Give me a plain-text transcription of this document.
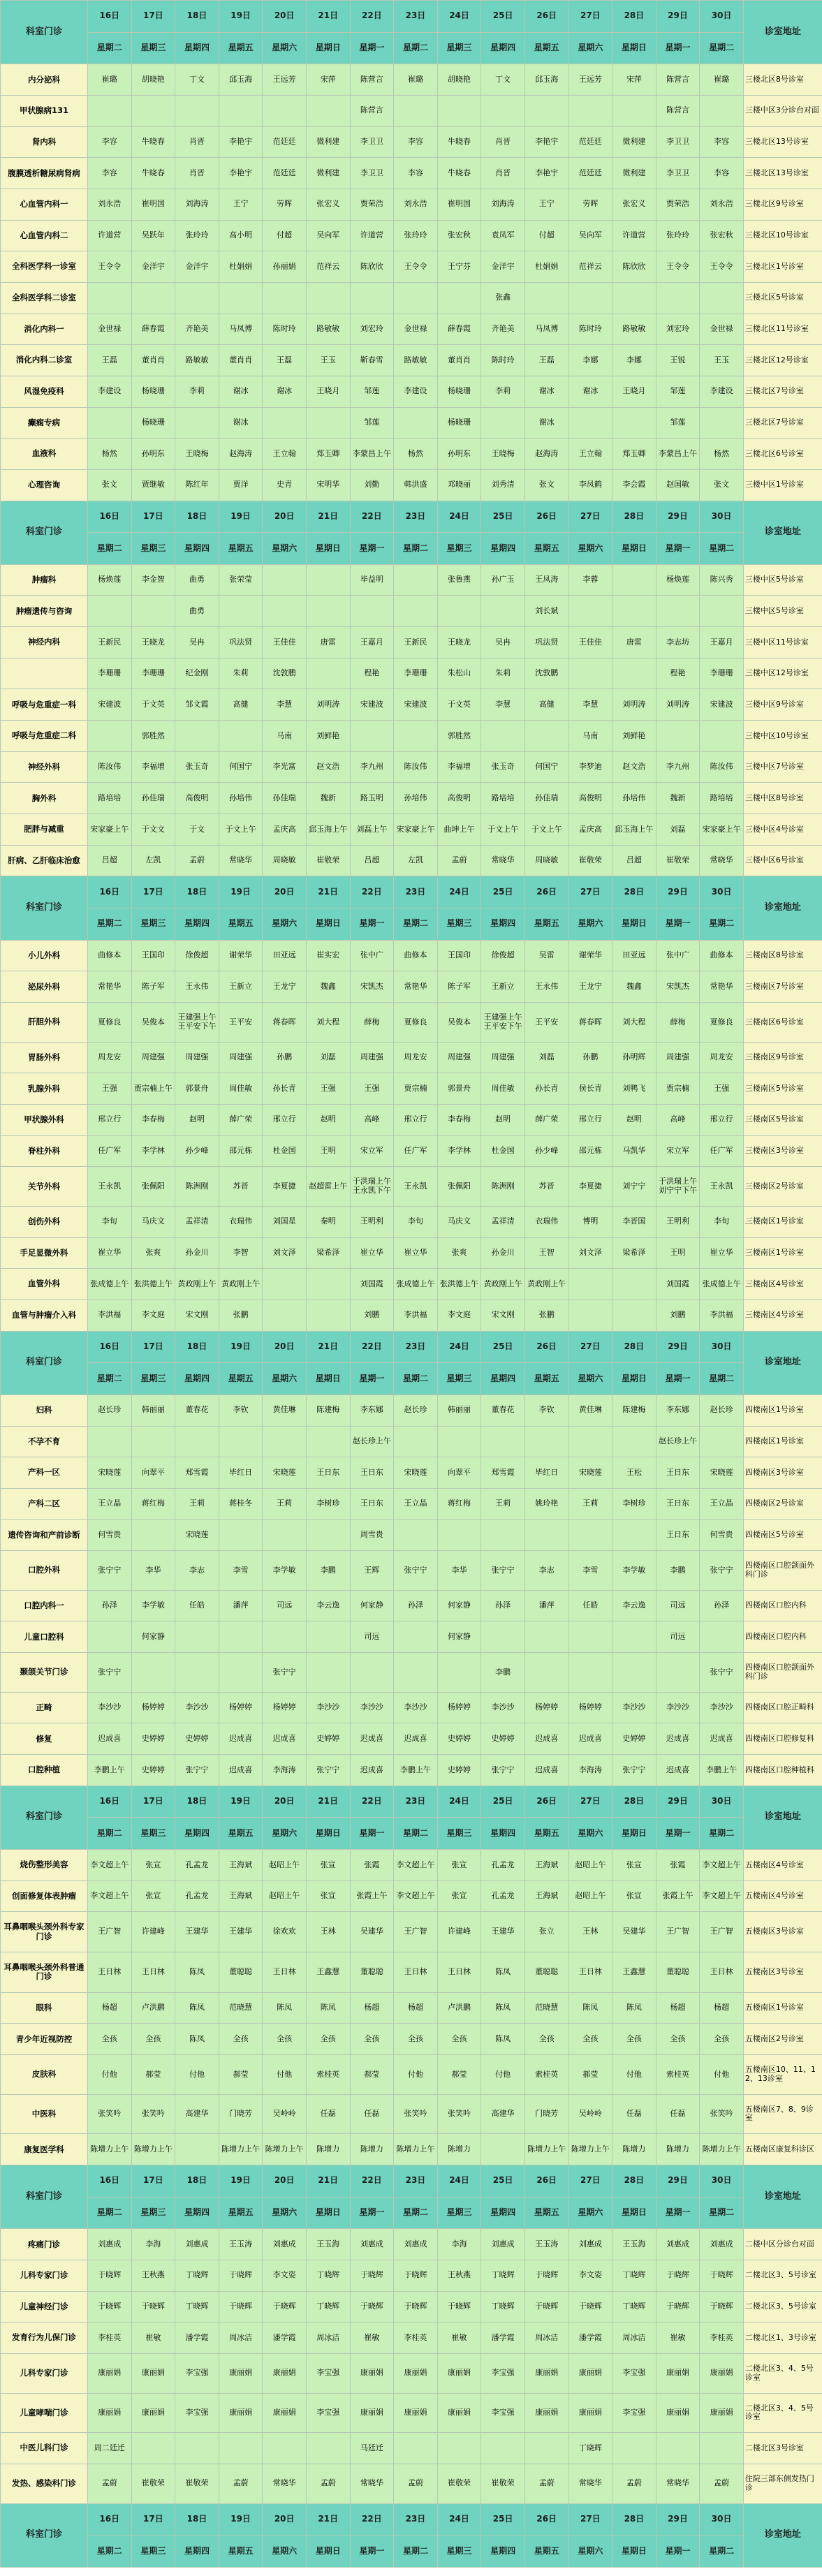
科室门诊	16日	17日	18日	19日	20日	21日	22日	23日	24日	25日	26日	27日	28日	29日	30日	诊室地址
	星期二	星期三	星期四	星期五	星期六	星期日	星期一	星期二	星期三	星期四	星期五	星期六	星期日	星期一	星期二	
内分泌科	崔璐	胡晓艳	丁文	邱玉海	王远芳	宋萍	陈营言	崔璐	胡晓艳	丁文	邱玉海	王远芳	宋萍	陈营言	崔璐	三楼北区8号诊室
甲状腺病131							陈营言							陈营言		三楼中区3分诊台对面
肾内科	李容	牛晓春	肖晋	李艳宇	范廷廷	微利建	李卫卫	李容	牛晓春	肖晋	李艳宇	范廷廷	微利建	李卫卫	李容	三楼北区13号诊室
腹膜透析糖尿病肾病	李容	牛晓春	肖晋	李艳宇	范廷廷	微利建	李卫卫	李容	牛晓春	肖晋	李艳宇	范廷廷	微利建	李卫卫	李容	三楼北区13号诊室
心血管内科一	刘永浩	崔明国	刘海涛	王宁	劳晖	张宏义	贾荣浩	刘永浩	崔明国	刘海涛	王宁	劳晖	张宏义	贾荣浩	刘永浩	三楼北区9号诊室
心血管内科二	许道营	吴跃年	张玲玲	高小明	付超	吴向军	许道营	张玲玲	张宏秋	袁凤军	付超	吴向军	许道营	张玲玲	张宏秋	三楼北区10号诊室
全科医学科一诊室	王令令	金洋宇	金洋宇	杜娟娟	孙丽娟	范祥云	陈欣欣	王令令	王宁芬	金洋宇	杜娟娟	范祥云	陈欣欣	王令令	王令令	三楼北区1号诊室
全科医学科二诊室										张鑫						三楼北区5号诊室
消化内科一	金世禄	薛春霞	齐艳美	马凤博	陈时玲	路敏敏	刘宏玲	金世禄	薛春霞	齐艳美	马凤博	陈时玲	路敏敏	刘宏玲	金世禄	三楼北区11号诊室
消化内科二诊室	王磊	董肖肖	路敏敏	董肖肖	王磊	王玉	靳春雪	路敏敏	董肖肖	陈时玲	王磊	李娜	李娜	王锐	王玉	三楼北区12号诊室
风湿免疫科	李建设	杨晓珊	李莉	谢冰	谢冰	王晓月	邹莲	李建设	杨晓珊	李莉	谢冰	谢冰	王晓月	邹莲	李建设	三楼北区7号诊室
癫痫专病		杨晓珊		谢冰			邹莲		杨晓珊		谢冰			邹莲		三楼北区7号诊室
血液科	杨然	孙明东	王晓梅	赵海涛	王立翰	郑玉卿	李蒙昌上午	杨然	孙明东	王晓梅	赵海涛	王立翰	郑玉卿	李蒙昌上午	杨然	三楼北区6号诊室
心理咨询	张文	贾继敏	陈红年	贾洋	史青	宋明华	刘勤	韩洪盛	邓晓丽	刘秀清	张文	李凤鹤	李会霞	赵国敏	张文	三楼中区1号诊室
科室门诊	16日	17日	18日	19日	20日	21日	22日	23日	24日	25日	26日	27日	28日	29日	30日	诊室地址
	星期二	星期三	星期四	星期五	星期六	星期日	星期一	星期二	星期三	星期四	星期五	星期六	星期日	星期一	星期二	
肿瘤科	杨焕莲	李金智	曲勇	张荣莹			毕益明		张鲁燕	孙广玉	王凤涛	李蓉		杨焕莲	陈兴秀	三楼中区5号诊室
肿瘤遗传与咨询			曲勇								刘长斌					三楼中区5号诊室
神经内科	王新民	王晓龙	吴冉	巩法贤	王佳佳	唐雷	王嘉月	王新民	王晓龙	吴冉	巩法贤	王佳佳	唐雷	李志坊	王嘉月	三楼中区11号诊室
	李珊珊	李珊珊	纪金刚	朱莉	沈敦鹏		程艳	李珊珊	朱松山	朱莉	沈敦鹏			程艳	李珊珊	三楼中区12号诊室
呼吸与危重症一科	宋建波	于文英	邹文霞	高健	李慧	刘明涛	宋建波	宋建波	于文英	李慧	高健	李慧	刘明涛	刘明涛	宋建波	三楼中区9号诊室
呼吸与危重症二科		郭胜然			马南	刘鲜艳			郭胜然			马南	刘鲜艳			三楼中区10号诊室
神经外科	陈汝伟	李福增	张玉奇	何国宁	李光富	赵文浩	李九州	陈汝伟	李福增	张玉奇	何国宁	李梦迪	赵文浩	李九州	陈汝伟	三楼中区7号诊室
胸外科	路培培	孙佳瑞	高俊明	孙培伟	孙佳瑞	魏新	路玉明	孙培伟	高俊明	路培培	孙佳瑞	高俊明	孙培伟	魏新	路培培	三楼中区8号诊室
肥胖与减重	宋家豪上午	于文文	于文	于文上午	孟庆高	邱玉海上午	刘磊上午	宋家豪上午	曲坤上午	于文上午	于文上午	孟庆高	邱玉海上午	刘磊	宋家豪上午	三楼中区4号诊室
肝病、乙肝临床治愈	吕超	左凯	孟蔚	常晓华	周晓敏	崔敬荣	吕超	左凯	孟蔚	常晓华	周晓敏	崔敬荣	吕超	崔敬荣	常晓华	三楼中区6号诊室
科室门诊	16日	17日	18日	19日	20日	21日	22日	23日	24日	25日	26日	27日	28日	29日	30日	诊室地址
	星期二	星期三	星期四	星期五	星期六	星期日	星期一	星期二	星期三	星期四	星期五	星期六	星期日	星期一	星期二	
小儿外科	曲修本	王国印	徐俊超	谢荣华	田亚远	崔实宏	张中广	曲修本	王国印	徐俊超	吴雷	谢荣华	田亚远	张中广	曲修本	三楼南区8号诊室
泌尿外科	常艳华	陈子军	王永伟	王新立	王龙宁	魏鑫	宋凯杰	常艳华	陈子军	王新立	王永伟	王龙宁	魏鑫	宋凯杰	常艳华	三楼南区7号诊室
肝胆外科	夏修良	吴俊本	王建强上午王平安下午	王平安	蒋春晖	刘大程	薛梅	夏修良	吴俊本	王建强上午王平安下午	王平安	蒋春晖	刘大程	薛梅	夏修良	三楼南区6号诊室
胃肠外科	周龙安	周建强	周建强	周建强	孙鹏	刘磊	周建强	周龙安	周建强	周建强	刘磊	孙鹏	孙明辉	周建强	周龙安	三楼南区9号诊室
乳腺外科	王强	贾宗楠上午	郭景舟	周佳敏	孙长青	王强	王强	贾宗楠	郭景舟	周佳敏	孙长青	侯长青	刘鸭飞	贾宗楠	王强	三楼南区5号诊室
甲状腺外科	邢立行	李春梅	赵明	薛广荣	邢立行	赵明	高峰	邢立行	李春梅	赵明	薛广荣	邢立行	赵明	高峰	邢立行	三楼南区5号诊室
脊柱外科	任广军	李学林	孙少峰	邵元栋	杜金国	王明	宋立军	任广军	李学林	杜金国	孙少峰	邵元栋	马凯华	宋立军	任广军	三楼南区3号诊室
关节外科	王永凯	张佩阳	陈洲刚	苏晋	李夏捷	赵超雷上午	于洪瑞上午王永凯下午	王永凯	张佩阳	陈洲刚	苏晋	李夏捷	刘宁宁	于洪瑞上午刘宁宁下午	王永凯	三楼南区2号诊室
创伤外科	李旬	马庆文	孟祥清	衣瑞伟	刘国星	秦明	王明利	李旬	马庆文	孟祥清	衣瑞伟	博明	李晋国	王明利	李旬	三楼南区1号诊室
手足显微外科	崔立华	张爽	孙金川	李智	刘文泽	梁希泽	崔立华	崔立华	张爽	孙金川	王智	刘文泽	梁希泽	王明	崔立华	三楼南区1号诊室
血管外科	张成德上午	张洪德上午	黄政刚上午	黄政刚上午			刘国霞	张成德上午	张洪德上午	黄政刚上午	黄政刚上午			刘国霞	张成德上午	三楼南区4号诊室
血管与肿瘤介入科	李洪福	李文庭	宋文刚	张鹏			刘鹏	李洪福	李文庭	宋文刚	张鹏			刘鹏	李洪福	三楼南区4号诊室
科室门诊	16日	17日	18日	19日	20日	21日	22日	23日	24日	25日	26日	27日	28日	29日	30日	诊室地址
	星期二	星期三	星期四	星期五	星期六	星期日	星期一	星期二	星期三	星期四	星期五	星期六	星期日	星期一	星期二	
妇科	赵长珍	韩丽丽	董春花	李钦	黄佳琳	陈建梅	李东娜	赵长珍	韩丽丽	董春花	李钦	黄佳琳	陈建梅	李东娜	赵长珍	四楼南区1号诊室
不孕不育							赵长珍上午							赵长珍上午		四楼南区1号诊室
产科一区	宋晓莲	向翠平	郑雪霞	毕红日	宋晓莲	王日东	王日东	宋晓莲	向翠平	郑雪霞	毕红日	宋晓莲	王松	王日东	宋晓莲	四楼南区3号诊室
产科二区	王立晶	蒋红梅	王莉	蒋桂冬	王莉	李树珍	王日东	王立晶	蒋红梅	王莉	姚玲艳	王莉	李树珍	王日东	王立晶	四楼南区2号诊室
遗传咨询和产前诊断	何雪贵		宋晓莲				周雪贵							王日东	何雪贵	四楼南区5号诊室
口腔外科	张宁宁	李华	李志	李雪	李学敏	李鹏	王辉	张宁宁	李华	张宁宁	李志	李雪	李学敏	李鹏	张宁宁	四楼南区口腔颌面外科门诊
口腔内科一	孙泽	李学敏	任皓	潘萍	司远	李云逸	何家静	孙泽	何家静	孙泽	潘萍	任皓	李云逸	司远	孙泽	四楼南区口腔内科
儿童口腔科		何家静					司远		何家静					司远		四楼南区口腔内科
颞颌关节门诊	张宁宁				张宁宁					李鹏					张宁宁	四楼南区口腔颌面外科门诊
正畸	李沙沙	杨婷婷	李沙沙	杨婷婷	杨婷婷	李沙沙	李沙沙	李沙沙	杨婷婷	李沙沙	杨婷婷	杨婷婷	李沙沙	李沙沙	李沙沙	四楼南区口腔正畸科
修复	迟成喜	史婷婷	史婷婷	迟成喜	迟成喜	史婷婷	迟成喜	迟成喜	史婷婷	史婷婷	迟成喜	迟成喜	史婷婷	迟成喜	迟成喜	四楼南区口腔修复科
口腔种植	李鹏上午	史婷婷	张宁宁	迟成喜	李海涛	张宁宁	迟成喜	李鹏上午	史婷婷	张宁宁	迟成喜	李海涛	张宁宁	迟成喜	李鹏上午	四楼南区口腔种植科
科室门诊	16日	17日	18日	19日	20日	21日	22日	23日	24日	25日	26日	27日	28日	29日	30日	诊室地址
	星期二	星期三	星期四	星期五	星期六	星期日	星期一	星期二	星期三	星期四	星期五	星期六	星期日	星期一	星期二	
烧伤整形美容	李文超上午	张宣	孔孟龙	王海斌	赵昭上午	张宣	张霞	李文超上午	张宣	孔孟龙	王海斌	赵昭上午	张宣	张霞	李文超上午	五楼南区4号诊室
创面修复体表肿瘤	李文超上午	张宣	孔孟龙	王海斌	赵昭上午	张宣	张霞上午	李文超上午	张宣	孔孟龙	王海斌	赵昭上午	张宣	张霞上午	李文超上午	五楼南区4号诊室
耳鼻咽喉头颈外科专家门诊	王广智	许建峰	王建华	王建华	徐欢欢	王林	吴建华	王广智	许建峰	王建华	张立	王林	吴建华	王广智	王广智	五楼南区3号诊室
耳鼻咽喉头颈外科普通门诊	王日林	王日林	陈凤	董聪聪	王日林	王鑫慧	董聪聪	王日林	王日林	陈凤	董聪聪	王日林	王鑫慧	董聪聪	王日林	五楼南区3号诊室
眼科	杨超	卢洪鹏	陈凤	范晓慧	陈凤	陈凤	杨超	杨超	卢洪鹏	陈凤	范晓慧	陈凤	陈凤	杨超	杨超	五楼南区1号诊室
青少年近视防控	全孩	全孩	陈凤	全孩	全孩	全孩	全孩	全孩	全孩	陈凤	全孩	全孩	全孩	全孩	全孩	五楼南区2号诊室
皮肤科	付他	郝莹	付他	郝莹	付他	索桂英	郝莹	付他	郝莹	付他	索桂英	郝莹	付他	索桂英	付他	五楼南区10、11、12、13诊室
中医科	张笑吟	张笑吟	高建华	门晓芳	吴岭岭	任磊	任磊	张笑吟	张笑吟	高建华	门晓芳	吴岭岭	任磊	任磊	张笑吟	五楼南区7、8、9诊室
康复医学科	陈增力上午	陈增力上午		陈增力上午	陈增力上午	陈增力	陈增力	陈增力上午	陈增力		陈增力上午	陈增力上午	陈增力	陈增力	陈增力上午	五楼南区康复科诊区
科室门诊	16日	17日	18日	19日	20日	21日	22日	23日	24日	25日	26日	27日	28日	29日	30日	诊室地址
	星期二	星期三	星期四	星期五	星期六	星期日	星期一	星期二	星期三	星期四	星期五	星期六	星期日	星期一	星期二	
疼痛门诊	刘惠成	李海	刘惠成	王玉涛	刘惠成	王玉海	刘惠成	刘惠成	李海	刘惠成	王玉涛	刘惠成	王玉海	刘惠成	刘惠成	二楼中区分诊台对面
儿科专家门诊	于晓辉	王秋燕	丁晓辉	于晓辉	李文姿	丁晓辉	于晓辉	于晓辉	王秋燕	丁晓辉	于晓辉	李文姿	丁晓辉	于晓辉	于晓辉	二楼北区3、5号诊室
儿童神经门诊	于晓辉	于晓辉	丁晓辉	于晓辉	于晓辉	丁晓辉	于晓辉	于晓辉	于晓辉	丁晓辉	于晓辉	于晓辉	丁晓辉	于晓辉	于晓辉	二楼北区3、5号诊室
发育行为儿保门诊	李桂英	崔敏	潘学霞	周冰洁	潘学霞	周冰洁	崔敏	李桂英	崔敏	潘学霞	周冰洁	潘学霞	周冰洁	崔敏	李桂英	二楼北区1、3号诊室
儿科专家门诊	康丽娟	康丽娟	李宝强	康丽娟	康丽娟	李宝强	康丽娟	康丽娟	康丽娟	李宝强	康丽娟	康丽娟	李宝强	康丽娟	康丽娟	二楼北区3、4、5号诊室
儿童哮喘门诊	康丽娟	康丽娟	李宝强	康丽娟	康丽娟	李宝强	康丽娟	康丽娟	康丽娟	李宝强	康丽娟	康丽娟	李宝强	康丽娟	康丽娟	二楼北区3、4、5号诊室
中医儿科门诊	周二廷迁						马廷迁					丁晓辉				二楼北区3号诊室
发热、感染科门诊	孟蔚	崔敬荣	崔敬荣	孟蔚	常晓华	孟蔚	常晓华	孟蔚	崔敬荣	崔敬荣	孟蔚	常晓华	孟蔚	常晓华	孟蔚	住院三部东侧发热门诊
科室门诊	16日	17日	18日	19日	20日	21日	22日	23日	24日	25日	26日	27日	28日	29日	30日	诊室地址
	星期二	星期三	星期四	星期五	星期六	星期日	星期一	星期二	星期三	星期四	星期五	星期六	星期日	星期一	星期二	
